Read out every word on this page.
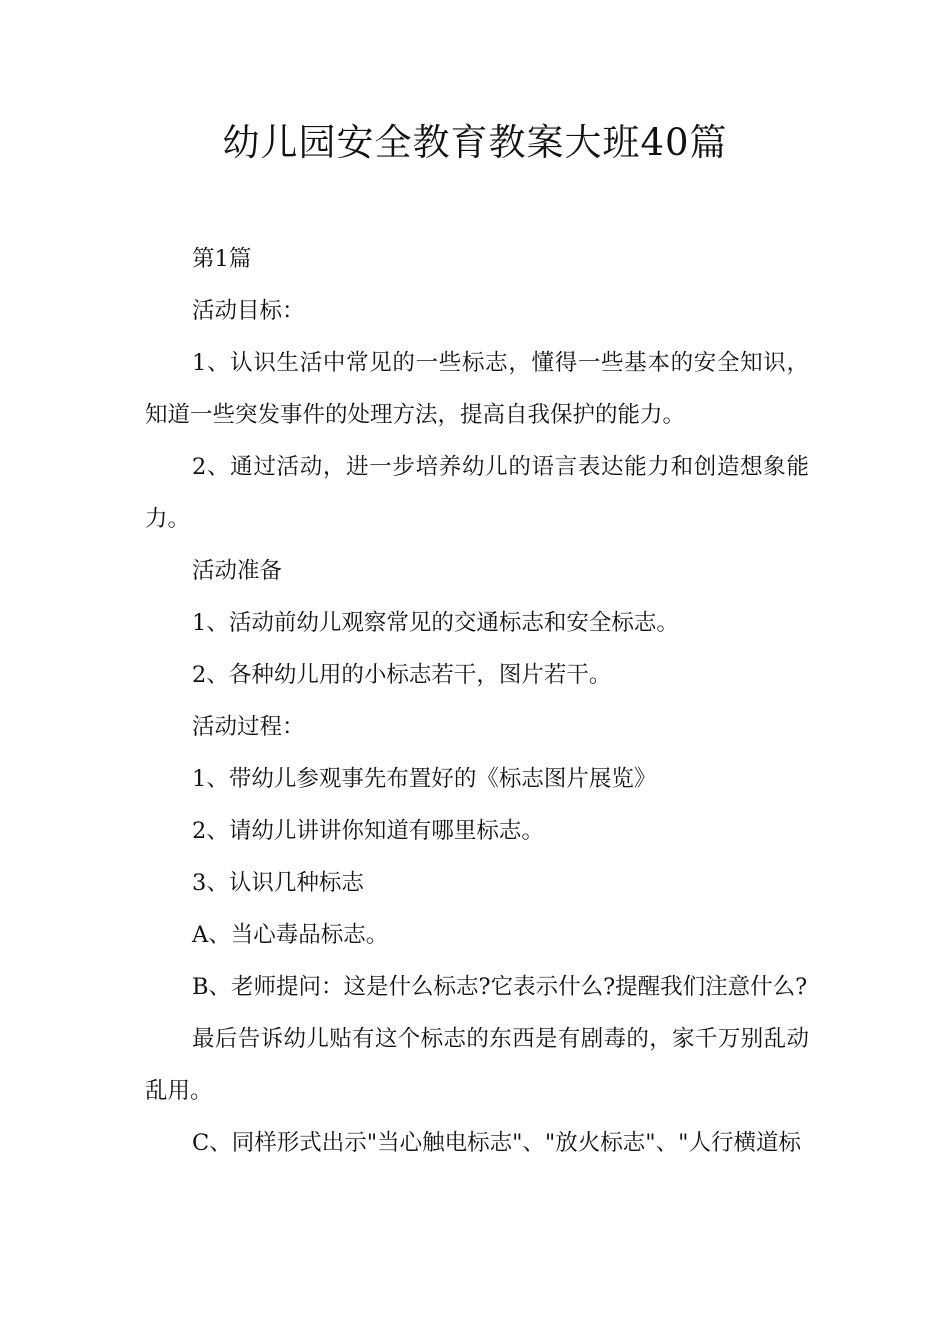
幼儿园安全教育教案大班40篇

第1篇

活动目标：

1、认识生活中常见的一些标志，懂得一些基本的安全知识，知道一些突发事件的处理方法，提高自我保护的能力。

2、通过活动，进一步培养幼儿的语言表达能力和创造想象能力。

活动准备

1、活动前幼儿观察常见的交通标志和安全标志。

2、各种幼儿用的小标志若干，图片若干。

活动过程：

1、带幼儿参观事先布置好的《标志图片展览》

2、请幼儿讲讲你知道有哪里标志。

3、认识几种标志

A、当心毒品标志。

B、老师提问：这是什么标志?它表示什么?提醒我们注意什么?

最后告诉幼儿贴有这个标志的东西是有剧毒的，家千万别乱动乱用。

C、同样形式出示"当心触电标志"、"放火标志"、"人行横道标
